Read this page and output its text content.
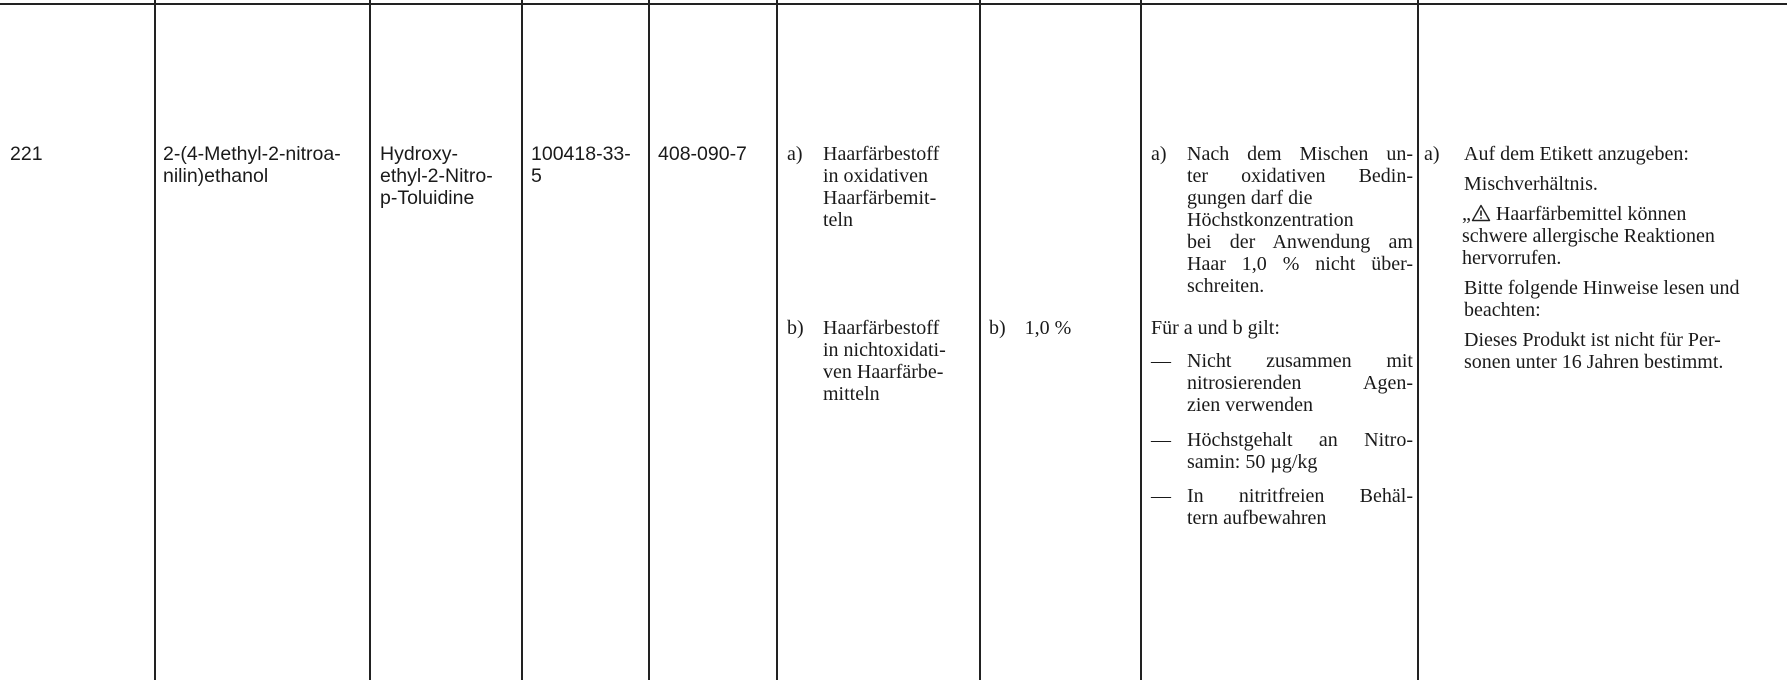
221	2-(4-Methyl-2-nitroa-
nilin)ethanol
Hydroxy-
ethyl-2-Nitro-
p-Toluidine
100418-33-
5
408-090-7 a) Haarfärbestoff
in oxidativen
Haarfärbemit-
teln
b) Haarfärbestoff
in nichtoxidati-
ven Haarfärbe-
mitteln
b) 1,0 %
a) Nach dem Mischen un-
ter oxidativen Bedin-
gungen darf die
Höchstkonzentration
bei der Anwendung am
Haar 1,0 % nicht über-
schreiten.
Für a und b gilt:
— Nicht zusammen mit
nitrosierenden Agen-
zien verwenden
— Höchstgehalt an Nitro-
samin: 50 µg/kg
— In nitritfreien Behäl-
tern aufbewahren
a) Auf dem Etikett anzugeben:
Mischverhältnis.
„ Haarfärbemittel können
schwere allergische Reaktionen
hervorrufen.
Bitte folgende Hinweise lesen und
beachten:
Dieses Produkt ist nicht für Per-
sonen unter 16 Jahren bestimmt.
